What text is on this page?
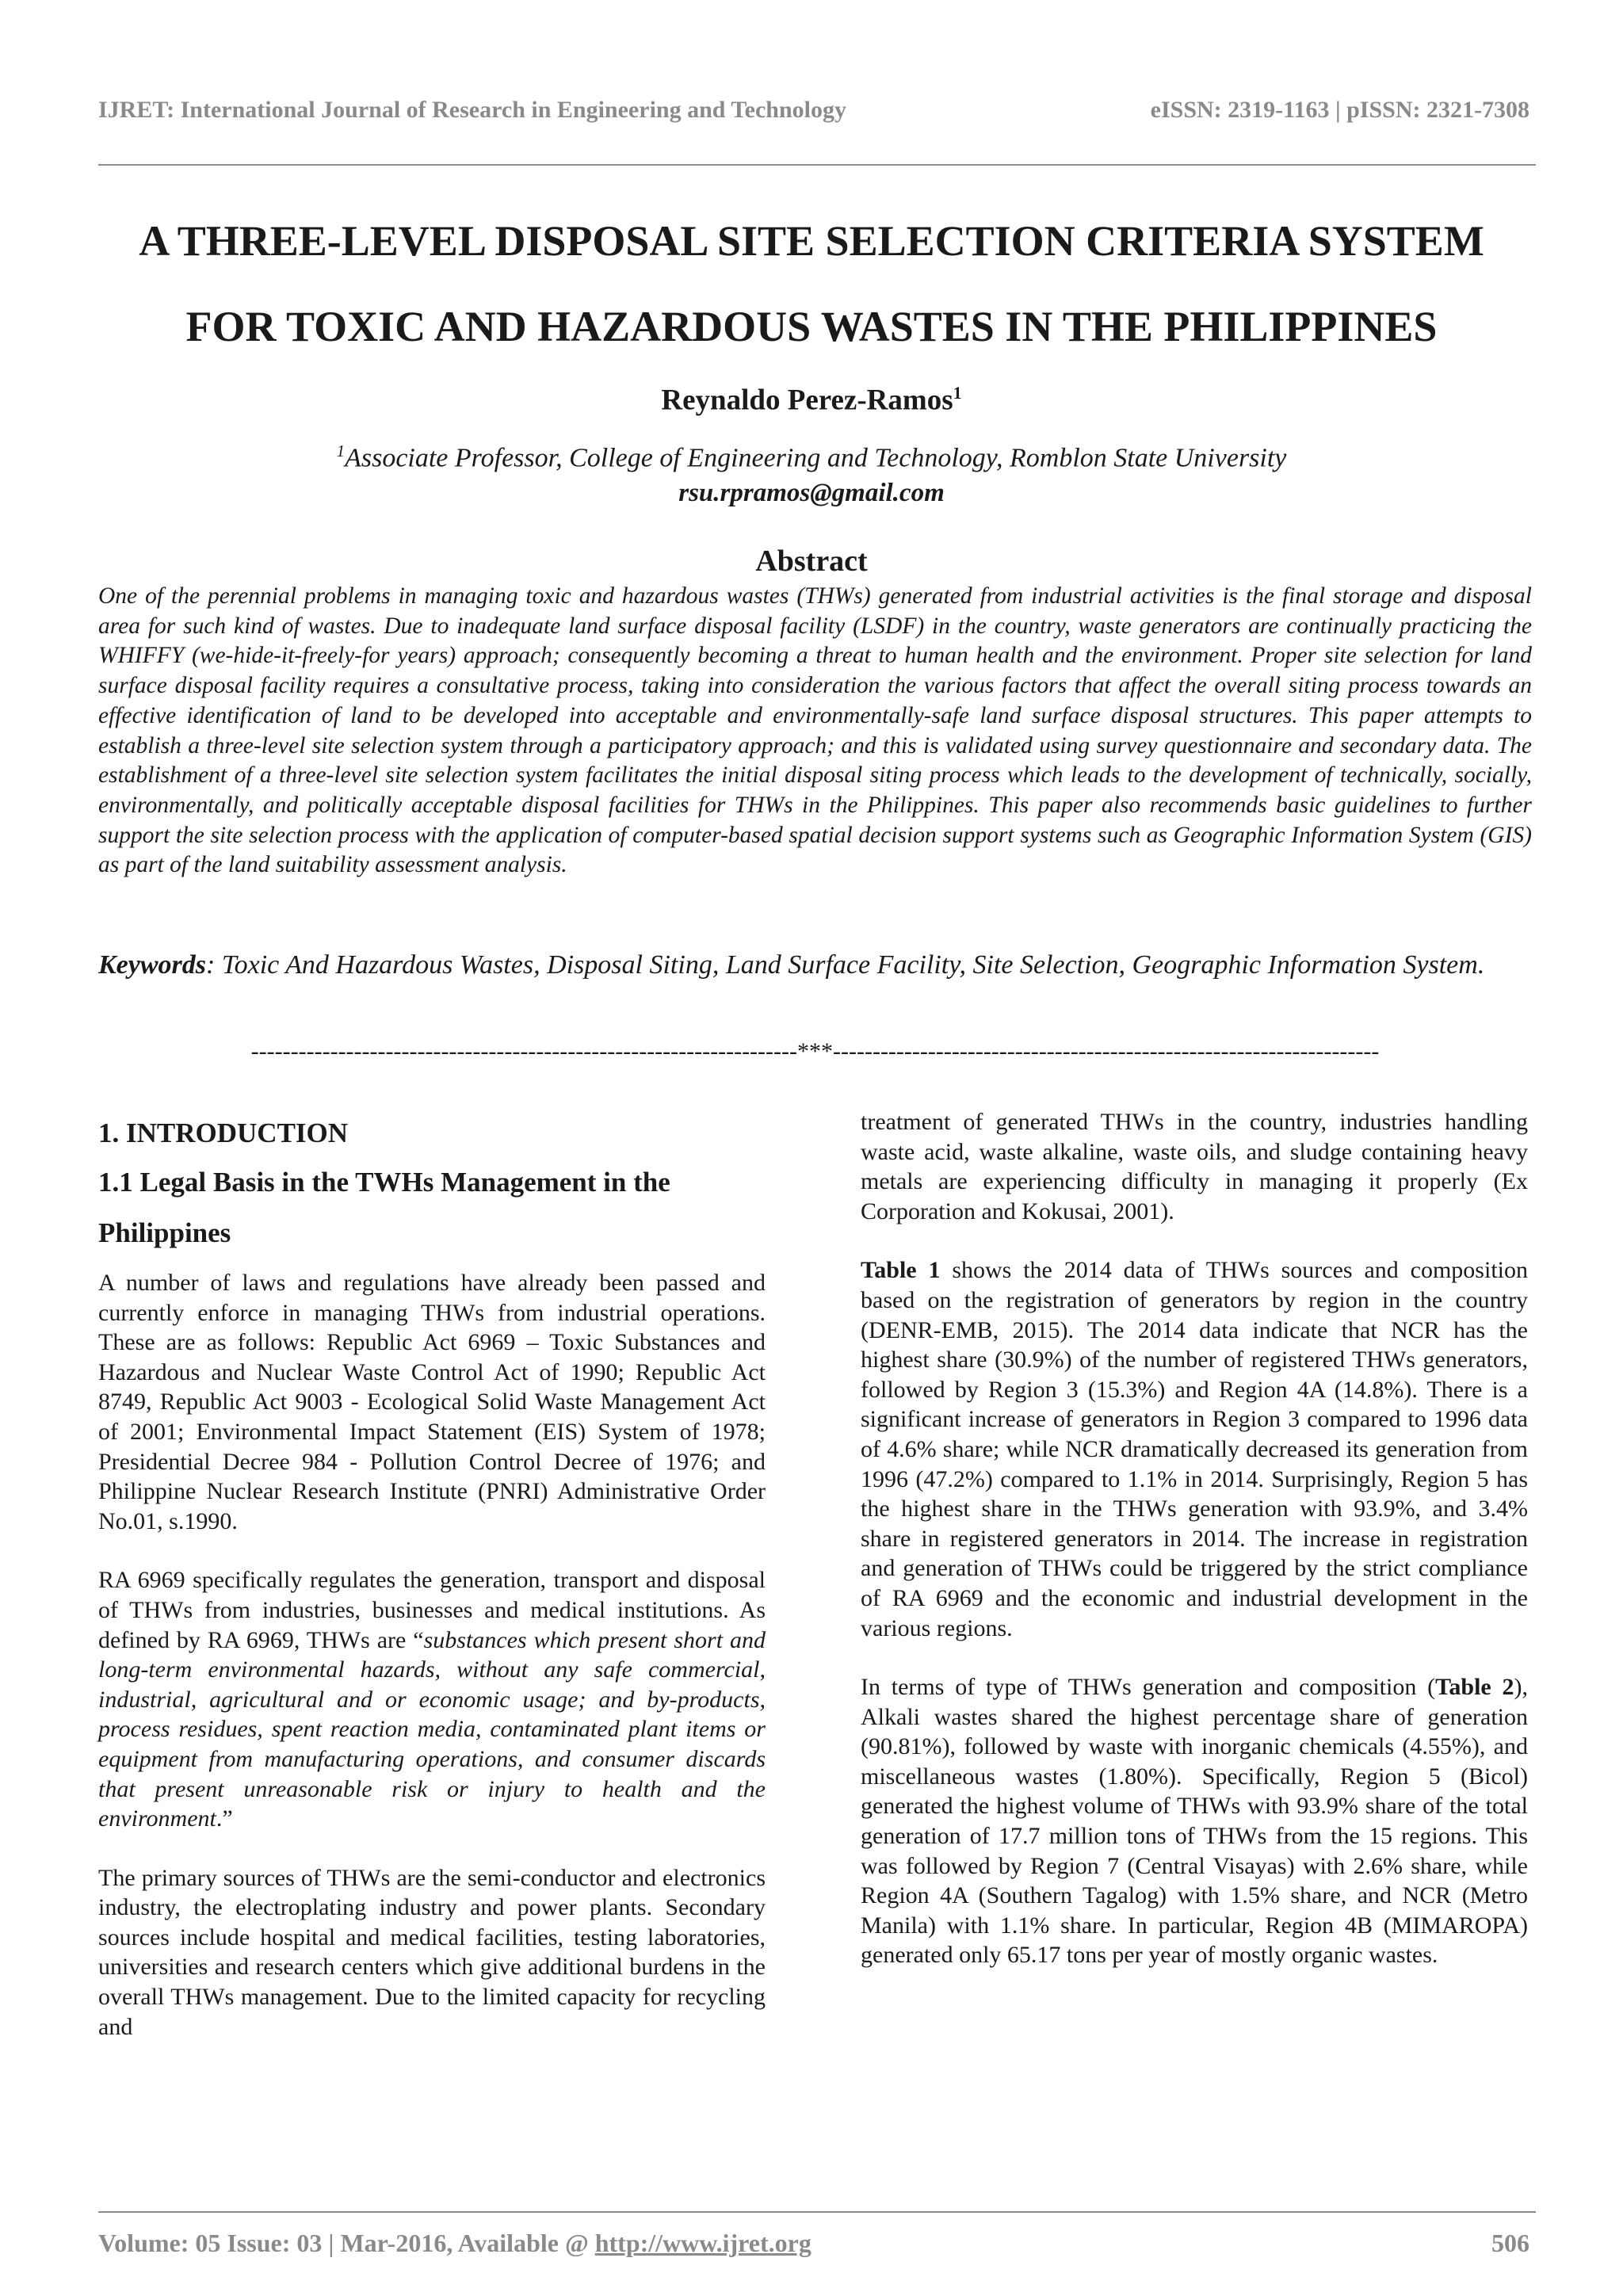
IJRET: International Journal of Research in Engineering and Technology	eISSN: 2319-1163 | pISSN: 2321-7308
A THREE-LEVEL DISPOSAL SITE SELECTION CRITERIA SYSTEM
FOR TOXIC AND HAZARDOUS WASTES IN THE PHILIPPINES
Reynaldo Perez-Ramos$^1$
$^1$Associate Professor, College of Engineering and Technology, Romblon State University
rsu.rpramos@gmail.com
Abstract

One of the perennial problems in managing toxic and hazardous wastes (THWs) generated from industrial activities is the final storage and disposal area for such kind of wastes. Due to inadequate land surface disposal facility (LSDF) in the country, waste generators are continually practicing the WHIFFY (we-hide-it-freely-for years) approach; consequently becoming a threat to human health and the environment. Proper site selection for land surface disposal facility requires a consultative process, taking into consideration the various factors that affect the overall siting process towards an effective identification of land to be developed into acceptable and environmentally-safe land surface disposal structures. This paper attempts to establish a three-level site selection system through a participatory approach; and this is validated using survey questionnaire and secondary data. The establishment of a three-level site selection system facilitates the initial disposal siting process which leads to the development of technically, socially, environmentally, and politically acceptable disposal facilities for THWs in the Philippines. This paper also recommends basic guidelines to further support the site selection process with the application of computer-based spatial decision support systems such as Geographic Information System (GIS) as part of the land suitability assessment analysis.

Keywords: Toxic And Hazardous Wastes, Disposal Siting, Land Surface Facility, Site Selection, Geographic Information System.

---------------------------------------------------------------------***---------------------------------------------------------------------
1. INTRODUCTION
1.1 Legal Basis in the TWHs Management in the Philippines

A number of laws and regulations have already been passed and currently enforce in managing THWs from industrial operations. These are as follows: Republic Act 6969 – Toxic Substances and Hazardous and Nuclear Waste Control Act of 1990; Republic Act 8749, Republic Act 9003 - Ecological Solid Waste Management Act of 2001; Environmental Impact Statement (EIS) System of 1978; Presidential Decree 984 - Pollution Control Decree of 1976; and Philippine Nuclear Research Institute (PNRI) Administrative Order No.01, s.1990.

RA 6969 specifically regulates the generation, transport and disposal of THWs from industries, businesses and medical institutions. As defined by RA 6969, THWs are “substances which present short and long-term environmental hazards, without any safe commercial, industrial, agricultural and or economic usage; and by-products, process residues, spent reaction media, contaminated plant items or equipment from manufacturing operations, and consumer discards that present unreasonable risk or injury to health and the environment.”

The primary sources of THWs are the semi-conductor and electronics industry, the electroplating industry and power plants. Secondary sources include hospital and medical facilities, testing laboratories, universities and research centers which give additional burdens in the overall THWs management. Due to the limited capacity for recycling and

treatment of generated THWs in the country, industries handling waste acid, waste alkaline, waste oils, and sludge containing heavy metals are experiencing difficulty in managing it properly (Ex Corporation and Kokusai, 2001).

Table 1 shows the 2014 data of THWs sources and composition based on the registration of generators by region in the country (DENR-EMB, 2015). The 2014 data indicate that NCR has the highest share (30.9%) of the number of registered THWs generators, followed by Region 3 (15.3%) and Region 4A (14.8%). There is a significant increase of generators in Region 3 compared to 1996 data of 4.6% share; while NCR dramatically decreased its generation from 1996 (47.2%) compared to 1.1% in 2014. Surprisingly, Region 5 has the highest share in the THWs generation with 93.9%, and 3.4% share in registered generators in 2014. The increase in registration and generation of THWs could be triggered by the strict compliance of RA 6969 and the economic and industrial development in the various regions.

In terms of type of THWs generation and composition (Table 2), Alkali wastes shared the highest percentage share of generation (90.81%), followed by waste with inorganic chemicals (4.55%), and miscellaneous wastes (1.80%). Specifically, Region 5 (Bicol) generated the highest volume of THWs with 93.9% share of the total generation of 17.7 million tons of THWs from the 15 regions. This was followed by Region 7 (Central Visayas) with 2.6% share, while Region 4A (Southern Tagalog) with 1.5% share, and NCR (Metro Manila) with 1.1% share. In particular, Region 4B (MIMAROPA) generated only 65.17 tons per year of mostly organic wastes.

Volume: 05 Issue: 03 | Mar-2016, Available @ http://www.ijret.org	506
